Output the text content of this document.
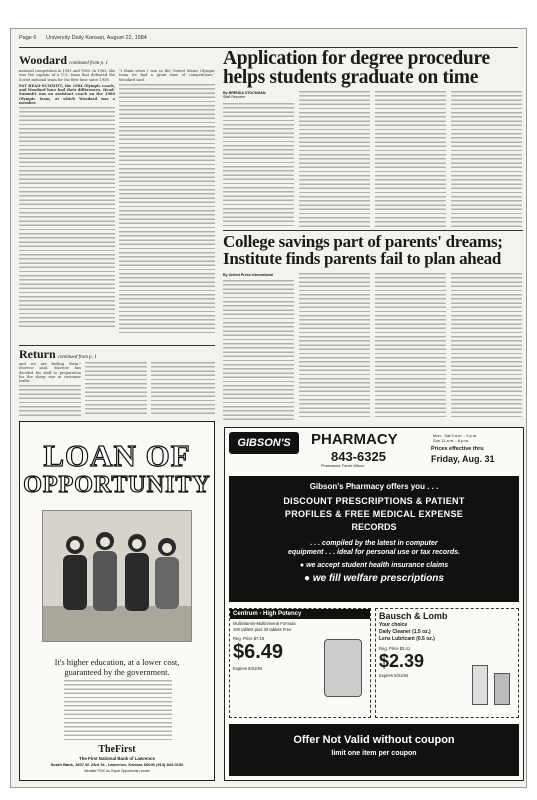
Page 6 University Daily Kansan, August 22, 1984
Woodard continued from p. 1
national competition in 1981 and 1983. In 1983, she was the captain of a U.S. team that defeated the Soviet national team for the first time since 1958.
PAT HEAD-SUMMITT, the 1984 Olympic coach, and Woodard have had their differences. Head-Summitt was an assistant coach on the 1980 Olympic team, at which Woodard was a member.
"I think when I was in the United States Olympic team we had a great time of competitions," Woodard said.
Return continued from p. 1
and we are feeling them," Morrow said. Morrow has decided his staff to preparation for the sharp rise in customer traffic.
LOAN OF
OPPORTUNITY
It's higher education, at a lower cost,
guaranteed by the government.
TheFirst
The First National Bank of Lawrence
South Bank, 1807 W. 23rd St., Lawrence, Kansas 66046 (913) 843-0152
Member FDIC An Equal Opportunity Lender
Application for degree procedure helps students graduate on time
By BRENDA STOCKMAN
Staff Reporter
College savings part of parents' dreams; Institute finds parents fail to plan ahead
By United Press International
GIBSON'S	PHARMACY
843-6325
Pharmacist: Farrel Wilcox
Mon - Sat 9 a.m. - 9 p.m.
Sun 11 a.m. - 6 p.m.
Prices effective thru
Friday, Aug. 31
Gibson's Pharmacy offers you . . .
DISCOUNT PRESCRIPTIONS & PATIENT
PROFILES & FREE MEDICAL EXPENSE
RECORDS
. . . compiled by the latest in computer
equipment . . . ideal for personal use or tax records.
● we accept student health insurance claims
● we fill welfare prescriptions
Centrum - High Potency
Multivitamin-Multimineral Formula
100 tablets plus 30 tablets Free
Reg. Price $7.19
$6.49
Expires 8/31/84
Bausch & Lomb
Your choice
Daily Cleaner (1.5 oz.)
Lens Lubricant (0.5 oz.)
Reg. Price $3.41
$2.39
Expires 8/31/84
Offer Not Valid without coupon
limit one item per coupon
